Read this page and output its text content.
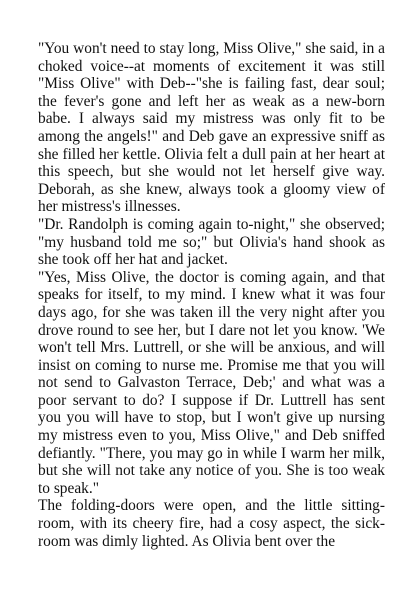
"You won't need to stay long, Miss Olive," she said, in a choked voice--at moments of excitement it was still "Miss Olive" with Deb--"she is failing fast, dear soul; the fever's gone and left her as weak as a new-born babe. I always said my mistress was only fit to be among the angels!" and Deb gave an expressive sniff as she filled her kettle. Olivia felt a dull pain at her heart at this speech, but she would not let herself give way. Deborah, as she knew, always took a gloomy view of her mistress's illnesses.

"Dr. Randolph is coming again to-night," she observed; "my husband told me so;" but Olivia's hand shook as she took off her hat and jacket.

"Yes, Miss Olive, the doctor is coming again, and that speaks for itself, to my mind. I knew what it was four days ago, for she was taken ill the very night after you drove round to see her, but I dare not let you know. 'We won't tell Mrs. Luttrell, or she will be anxious, and will insist on coming to nurse me. Promise me that you will not send to Galvaston Terrace, Deb;' and what was a poor servant to do? I suppose if Dr. Luttrell has sent you you will have to stop, but I won't give up nursing my mistress even to you, Miss Olive," and Deb sniffed defiantly. "There, you may go in while I warm her milk, but she will not take any notice of you. She is too weak to speak."

The folding-doors were open, and the little sitting-room, with its cheery fire, had a cosy aspect, the sick-room was dimly lighted. As Olivia bent over the
